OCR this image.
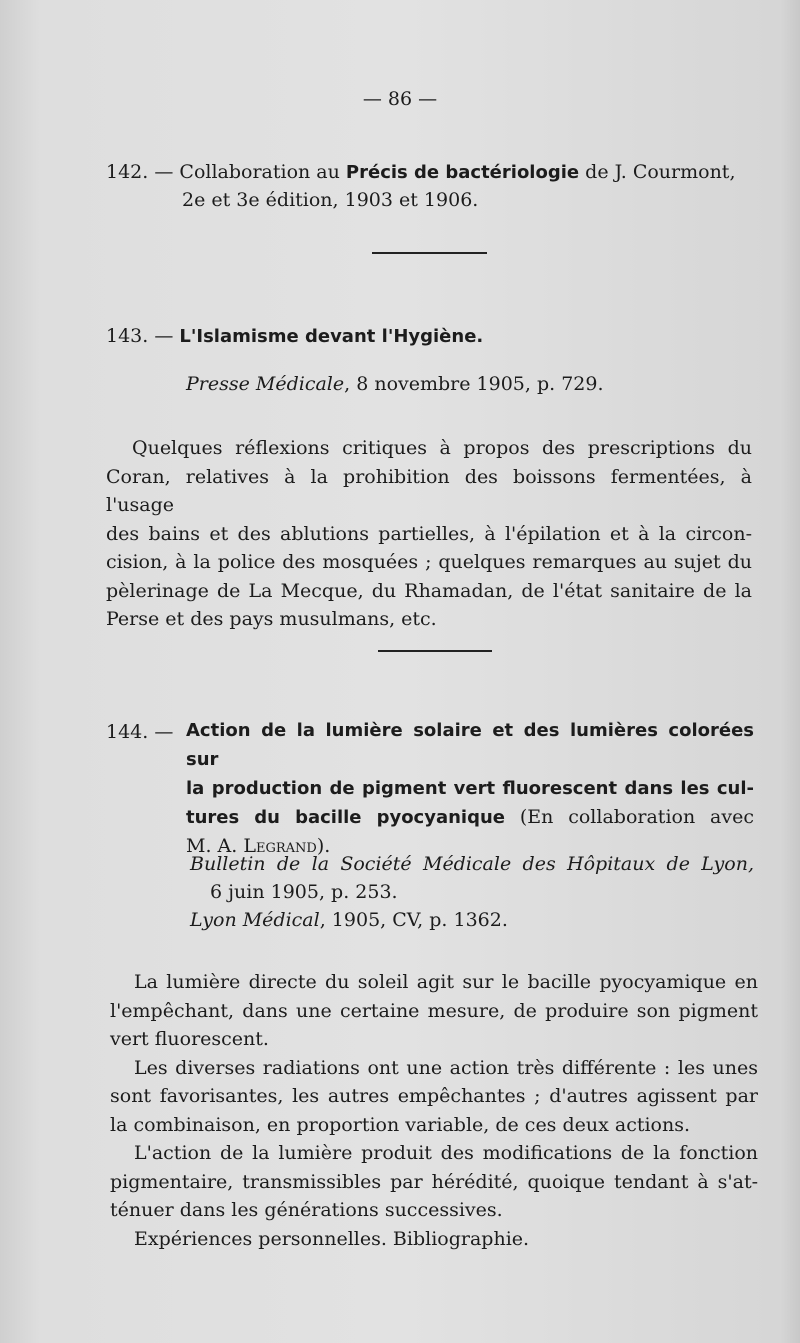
— 86 —
142. — Collaboration au Précis de bactériologie de J. Courmont,
2e et 3e édition, 1903 et 1906.
143. — L'Islamisme devant l'Hygiène.
Presse Médicale, 8 novembre 1905, p. 729.
Quelques réflexions critiques à propos des prescriptions du
Coran, relatives à la prohibition des boissons fermentées, à l'usage
des bains et des ablutions partielles, à l'épilation et à la circon-
cision, à la police des mosquées ; quelques remarques au sujet du
pèlerinage de La Mecque, du Rhamadan, de l'état sanitaire de la
Perse et des pays musulmans, etc.
144. — Action de la lumière solaire et des lumières colorées sur
la production de pigment vert fluorescent dans les cul-
tures du bacille pyocyanique (En collaboration avec
M. A. Legrand).
Bulletin de la Société Médicale des Hôpitaux de Lyon,
6 juin 1905, p. 253.
Lyon Médical, 1905, CV, p. 1362.
La lumière directe du soleil agit sur le bacille pyocyamique en
l'empêchant, dans une certaine mesure, de produire son pigment
vert fluorescent.
Les diverses radiations ont une action très différente : les unes
sont favorisantes, les autres empêchantes ; d'autres agissent par
la combinaison, en proportion variable, de ces deux actions.
L'action de la lumière produit des modifications de la fonction
pigmentaire, transmissibles par hérédité, quoique tendant à s'at-
ténuer dans les générations successives.
Expériences personnelles. Bibliographie.
